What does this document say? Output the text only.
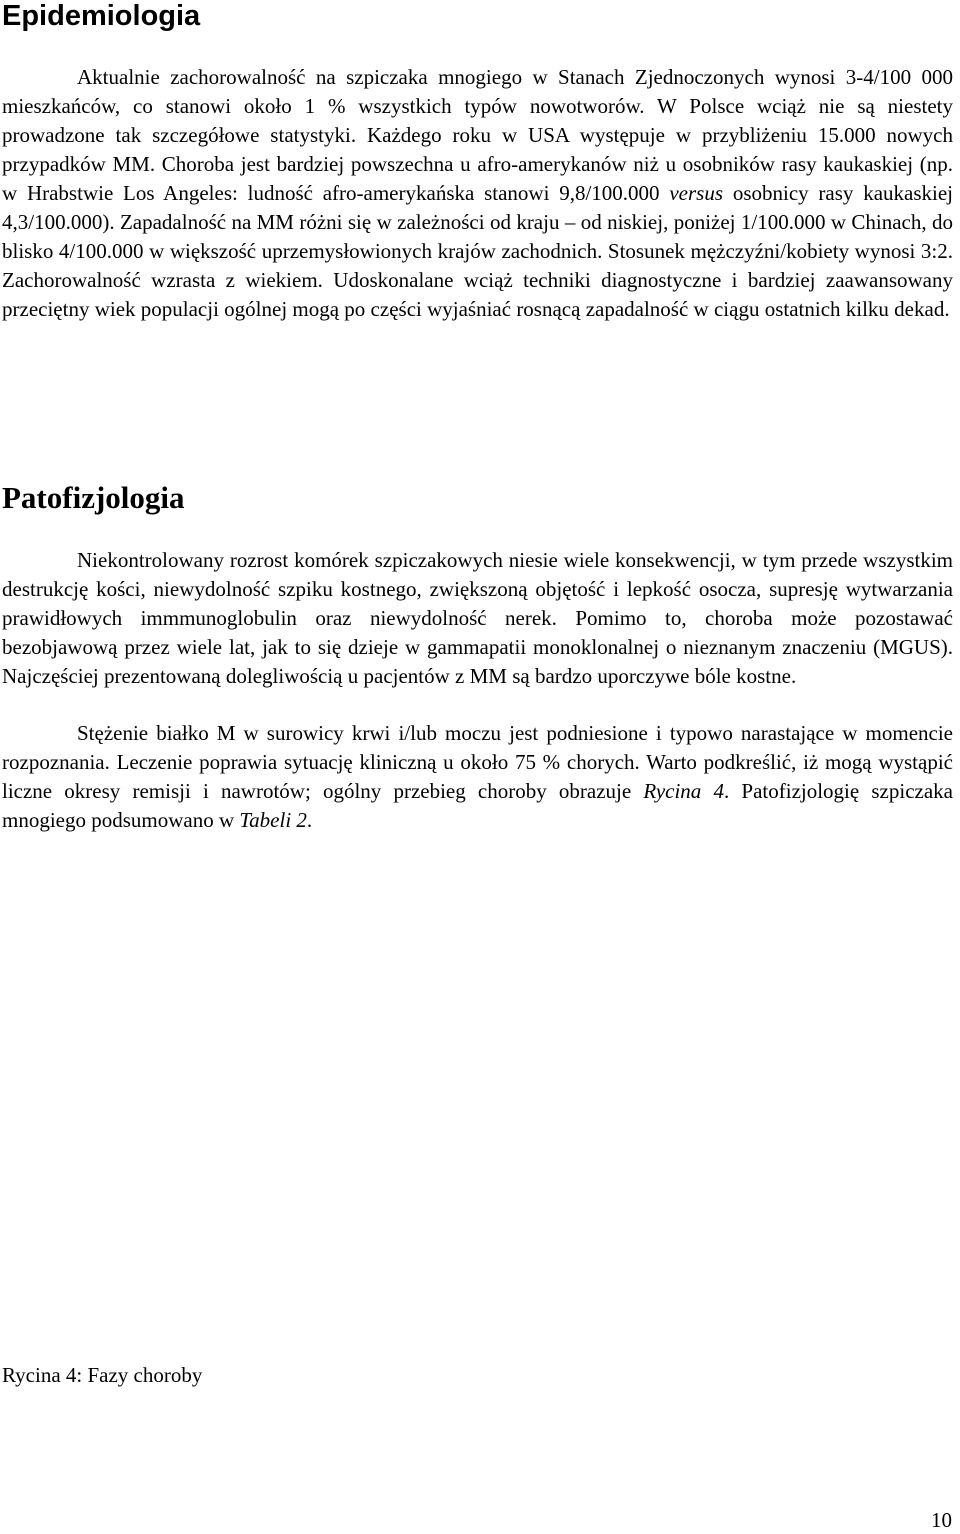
Epidemiologia

Aktualnie zachorowalność na szpiczaka mnogiego w Stanach Zjednoczonych wynosi 3-4/100 000 mieszkańców, co stanowi około 1 % wszystkich typów nowotworów. W Polsce wciąż nie są niestety prowadzone tak szczegółowe statystyki. Każdego roku w USA występuje w przybliżeniu 15.000 nowych przypadków MM. Choroba jest bardziej powszechna u afro-amerykanów niż u osobników rasy kaukaskiej (np. w Hrabstwie Los Angeles: ludność afro-amerykańska stanowi 9,8/100.000 versus osobnicy rasy kaukaskiej 4,3/100.000). Zapadalność na MM różni się w zależności od kraju – od niskiej, poniżej 1/100.000 w Chinach, do blisko 4/100.000 w większość uprzemysłowionych krajów zachodnich. Stosunek mężczyźni/kobiety wynosi 3:2. Zachorowalność wzrasta z wiekiem. Udoskonalane wciąż techniki diagnostyczne i bardziej zaawansowany przeciętny wiek populacji ogólnej mogą po części wyjaśniać rosnącą zapadalność w ciągu ostatnich kilku dekad.

Patofizjologia

Niekontrolowany rozrost komórek szpiczakowych niesie wiele konsekwencji, w tym przede wszystkim destrukcję kości, niewydolność szpiku kostnego, zwiększoną objętość i lepkość osocza, supresję wytwarzania prawidłowych immmunoglobulin oraz niewydolność nerek. Pomimo to, choroba może pozostawać bezobjawową przez wiele lat, jak to się dzieje w gammapatii monoklonalnej o nieznanym znaczeniu (MGUS). Najczęściej prezentowaną dolegliwością u pacjentów z MM są bardzo uporczywe bóle kostne.

Stężenie białko M w surowicy krwi i/lub moczu jest podniesione i typowo narastające w momencie rozpoznania. Leczenie poprawia sytuację kliniczną u około 75 % chorych. Warto podkreślić, iż mogą wystąpić liczne okresy remisji i nawrotów; ogólny przebieg choroby obrazuje Rycina 4. Patofizjologię szpiczaka mnogiego podsumowano w Tabeli 2.

Rycina 4: Fazy choroby

10
